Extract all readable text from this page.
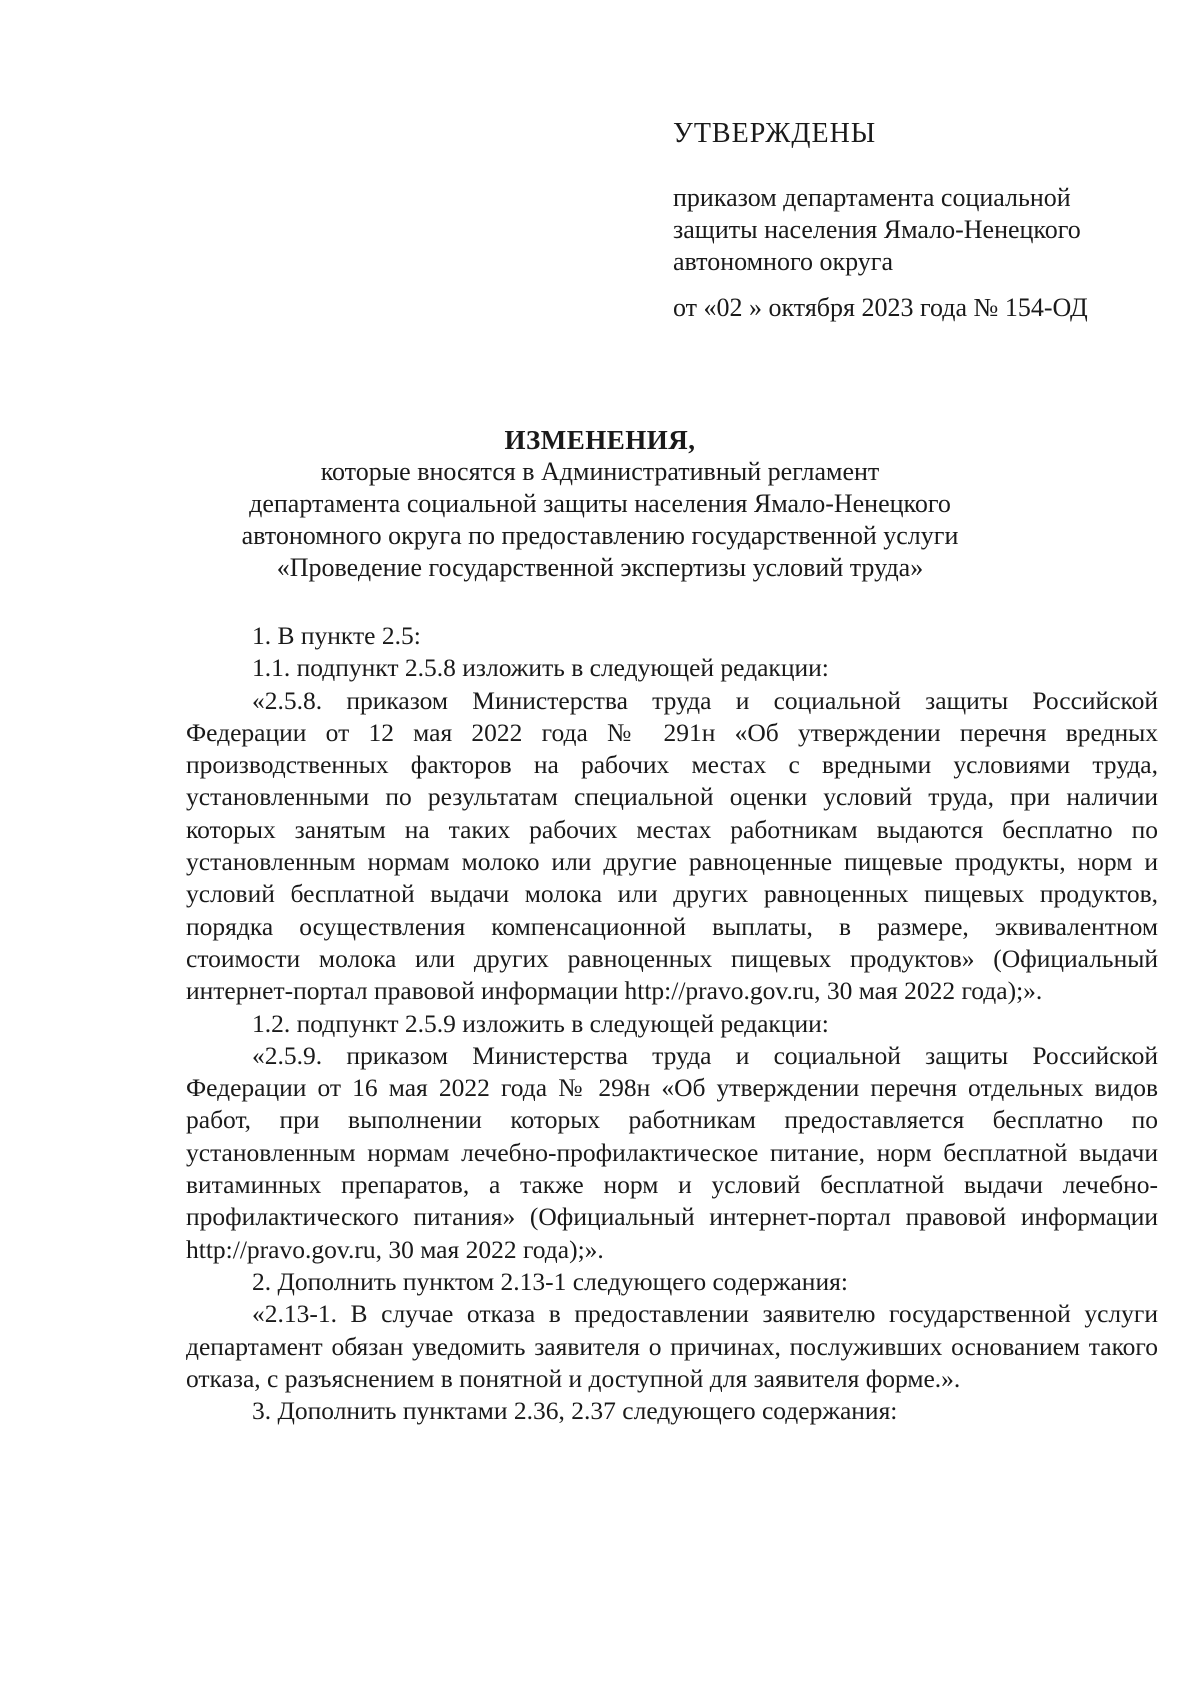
УТВЕРЖДЕНЫ
приказом департамента социальной
защиты населения Ямало-Ненецкого
автономного округа
от «02 » октября 2023 года № 154-ОД
ИЗМЕНЕНИЯ,
которые вносятся в Административный регламент
департамента социальной защиты населения Ямало-Ненецкого
автономного округа по предоставлению государственной услуги
«Проведение государственной экспертизы условий труда»

1. В пункте 2.5:

1.1. подпункт 2.5.8 изложить в следующей редакции:

«2.5.8. приказом Министерства труда и социальной защиты Российской Федерации от 12 мая 2022 года № 291н «Об утверждении перечня вредных производственных факторов на рабочих местах с вредными условиями труда, установленными по результатам специальной оценки условий труда, при наличии которых занятым на таких рабочих местах работникам выдаются бесплатно по установленным нормам молоко или другие равноценные пищевые продукты, норм и условий бесплатной выдачи молока или других равноценных пищевых продуктов, порядка осуществления компенсационной выплаты, в размере, эквивалентном стоимости молока или других равноценных пищевых продуктов» (Официальный интернет-портал правовой информации http://pravo.gov.ru, 30 мая 2022 года);».

1.2. подпункт 2.5.9 изложить в следующей редакции:

«2.5.9. приказом Министерства труда и социальной защиты Российской Федерации от 16 мая 2022 года № 298н «Об утверждении перечня отдельных видов работ, при выполнении которых работникам предоставляется бесплатно по установленным нормам лечебно-профилактическое питание, норм бесплатной выдачи витаминных препаратов, а также норм и условий бесплатной выдачи лечебно-профилактического питания» (Официальный интернет-портал правовой информации http://pravo.gov.ru, 30 мая 2022 года);».

2. Дополнить пунктом 2.13-1 следующего содержания:

«2.13-1. В случае отказа в предоставлении заявителю государственной услуги департамент обязан уведомить заявителя о причинах, послуживших основанием такого отказа, с разъяснением в понятной и доступной для заявителя форме.».

3. Дополнить пунктами 2.36, 2.37 следующего содержания:
